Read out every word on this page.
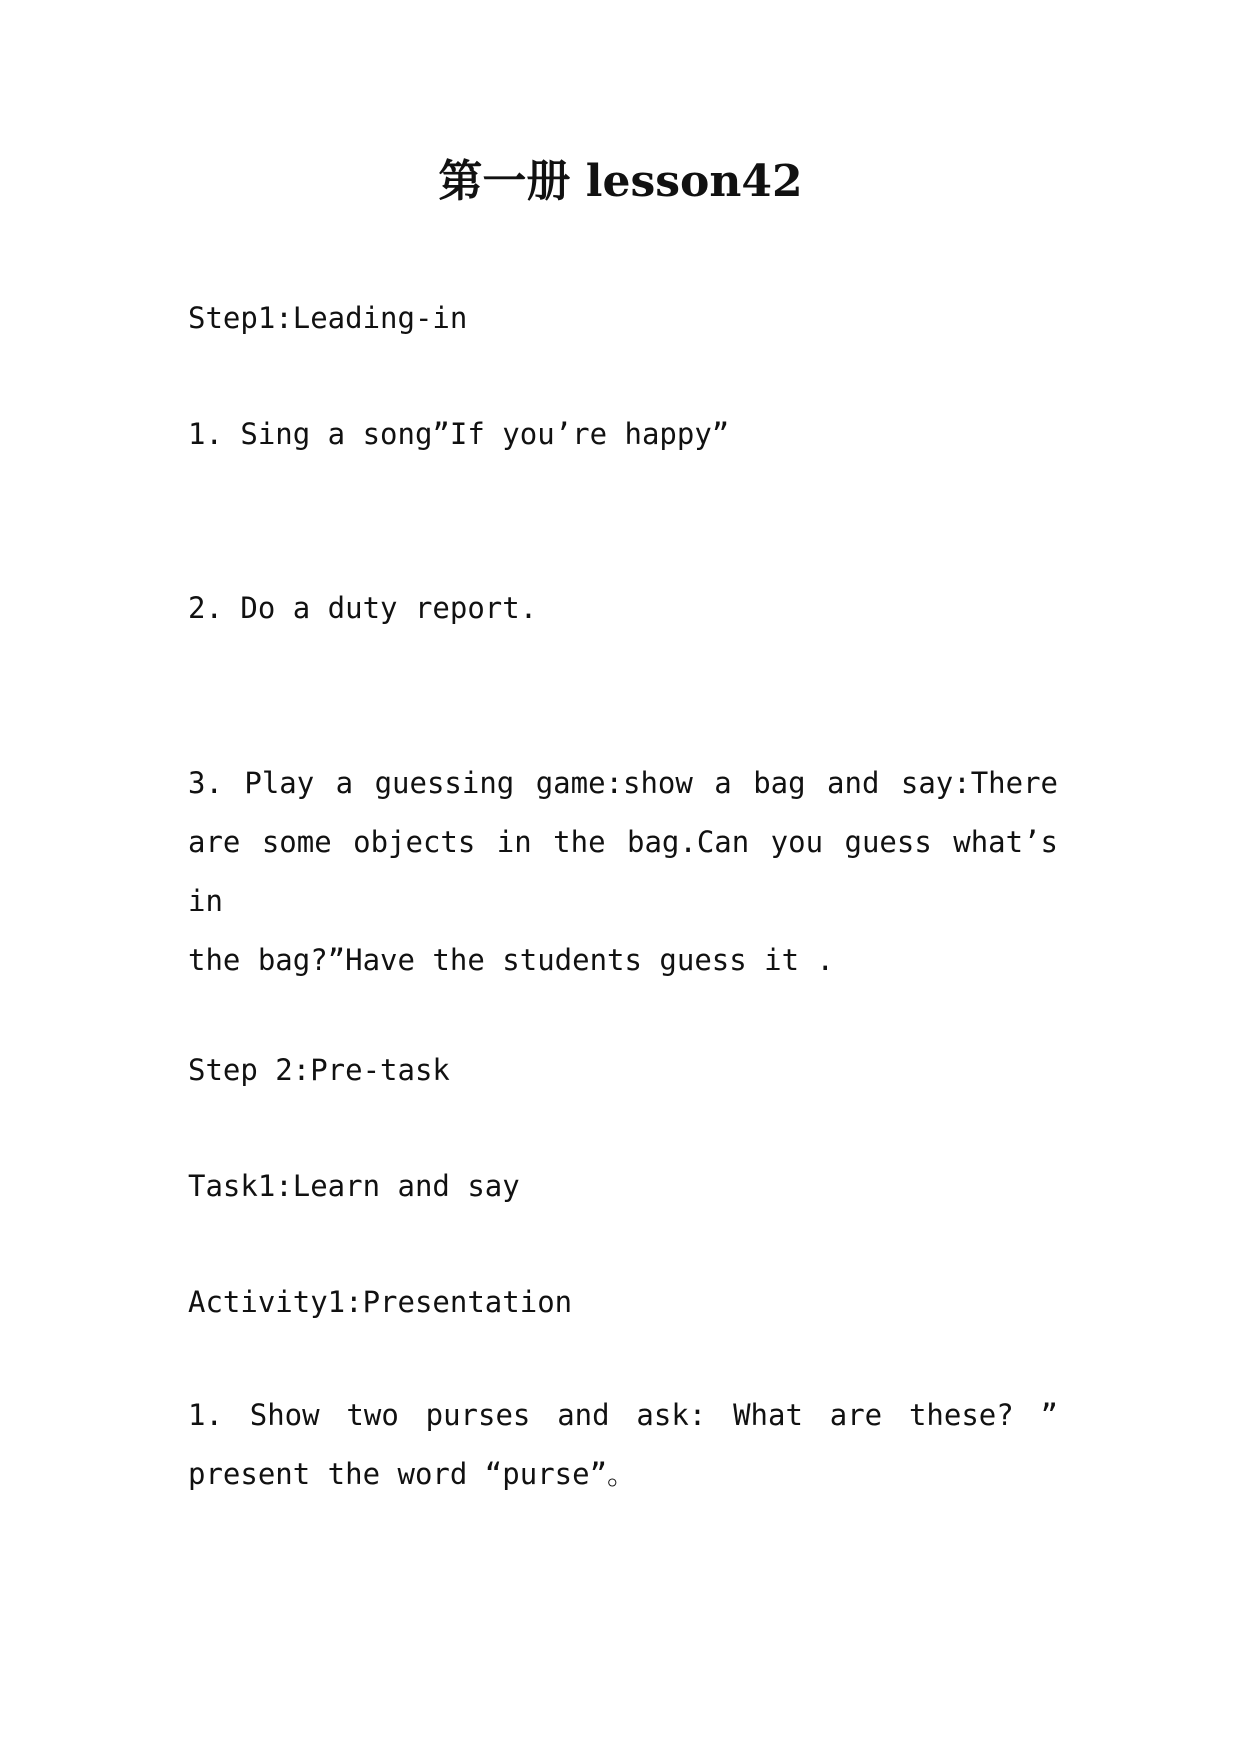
第一册 lesson42

Step1:Leading-in

1. Sing a song”If you’re happy”

2. Do a duty report.

3. Play a guessing game:show a bag and say:There
are some objects in the bag.Can you guess what’s in
the bag?”Have the students guess it .

Step 2:Pre-task

Task1:Learn and say

Activity1:Presentation

1. Show two purses and ask: What are these? ”
present the word “purse”。
